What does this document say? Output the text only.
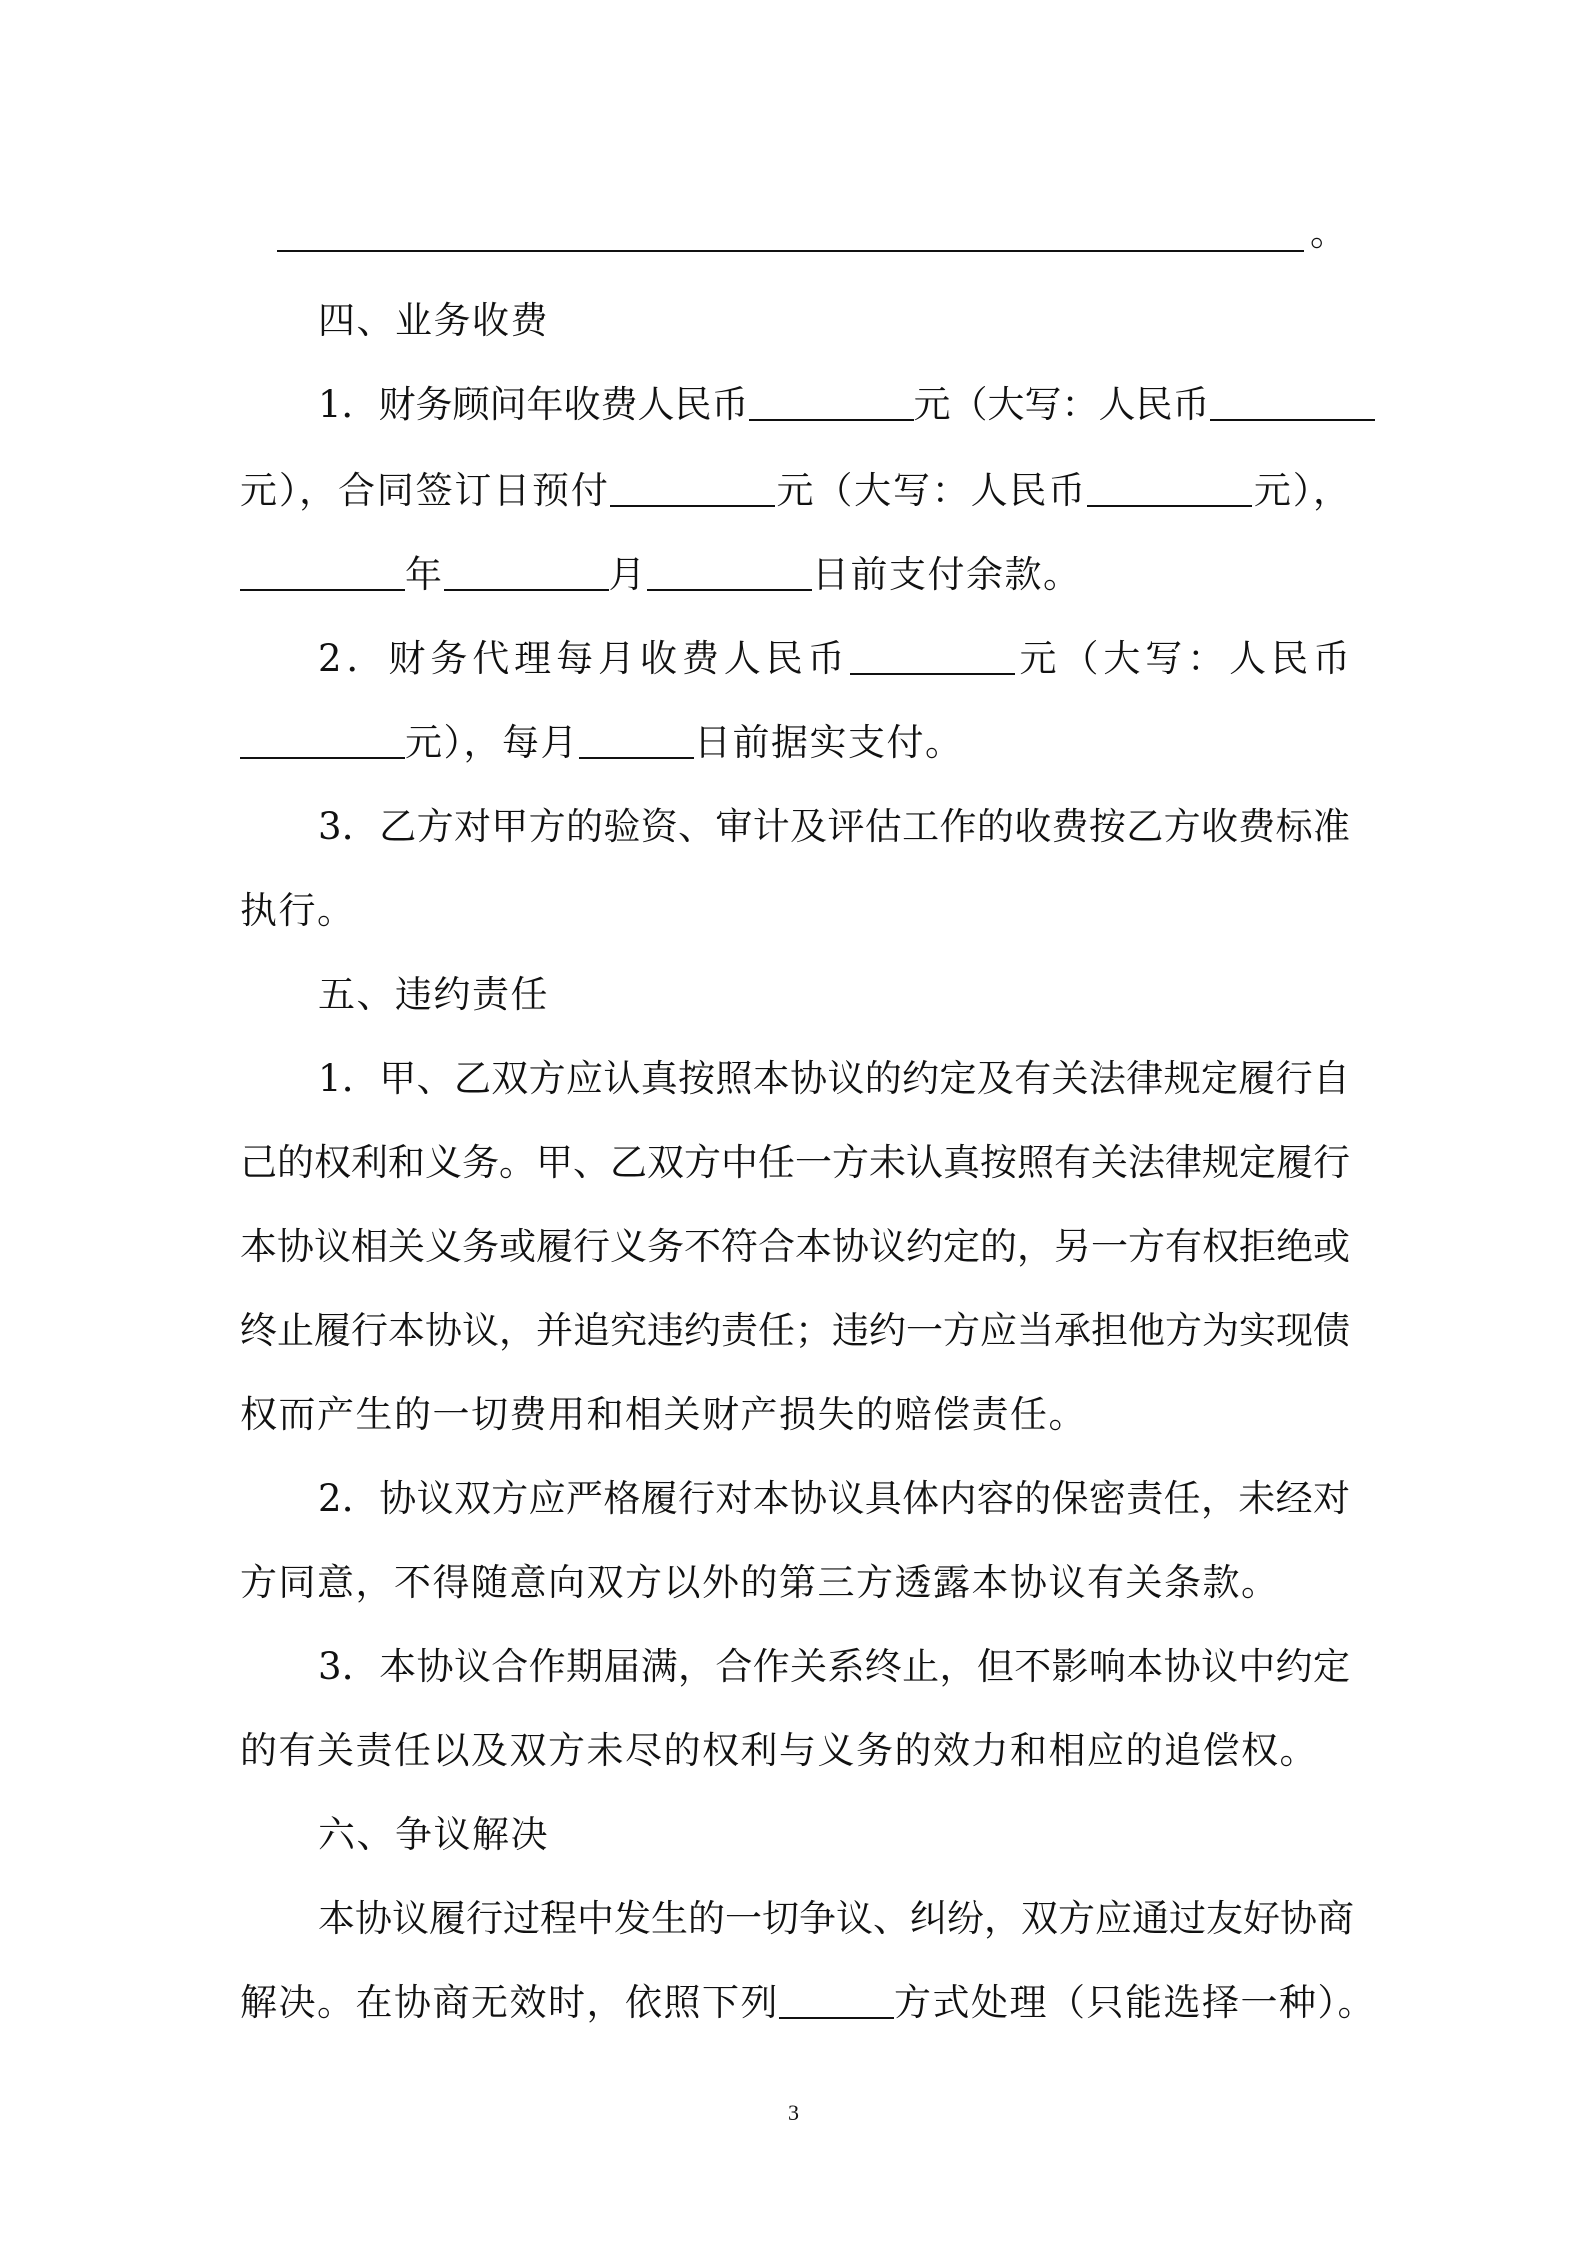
。
四、业务收费
1．财务顾问年收费人民币	元（大写：人民币
元），合同签订日预付	元（大写：人民币	元），
年	月	日前支付余款。
2．财务代理每月收费人民币	元（大写：人民币
元），每月	日前据实支付。
3．乙方对甲方的验资、审计及评估工作的收费按乙方收费标准
执行。
五、违约责任
1．甲、乙双方应认真按照本协议的约定及有关法律规定履行自
己的权利和义务。甲、乙双方中任一方未认真按照有关法律规定履行
本协议相关义务或履行义务不符合本协议约定的，另一方有权拒绝或
终止履行本协议，并追究违约责任；违约一方应当承担他方为实现债
权而产生的一切费用和相关财产损失的赔偿责任。
2．协议双方应严格履行对本协议具体内容的保密责任，未经对
方同意，不得随意向双方以外的第三方透露本协议有关条款。
3．本协议合作期届满，合作关系终止，但不影响本协议中约定
的有关责任以及双方未尽的权利与义务的效力和相应的追偿权。
六、争议解决
本协议履行过程中发生的一切争议、纠纷，双方应通过友好协商
解决。在协商无效时，依照下列	方式处理（只能选择一种）。
3
